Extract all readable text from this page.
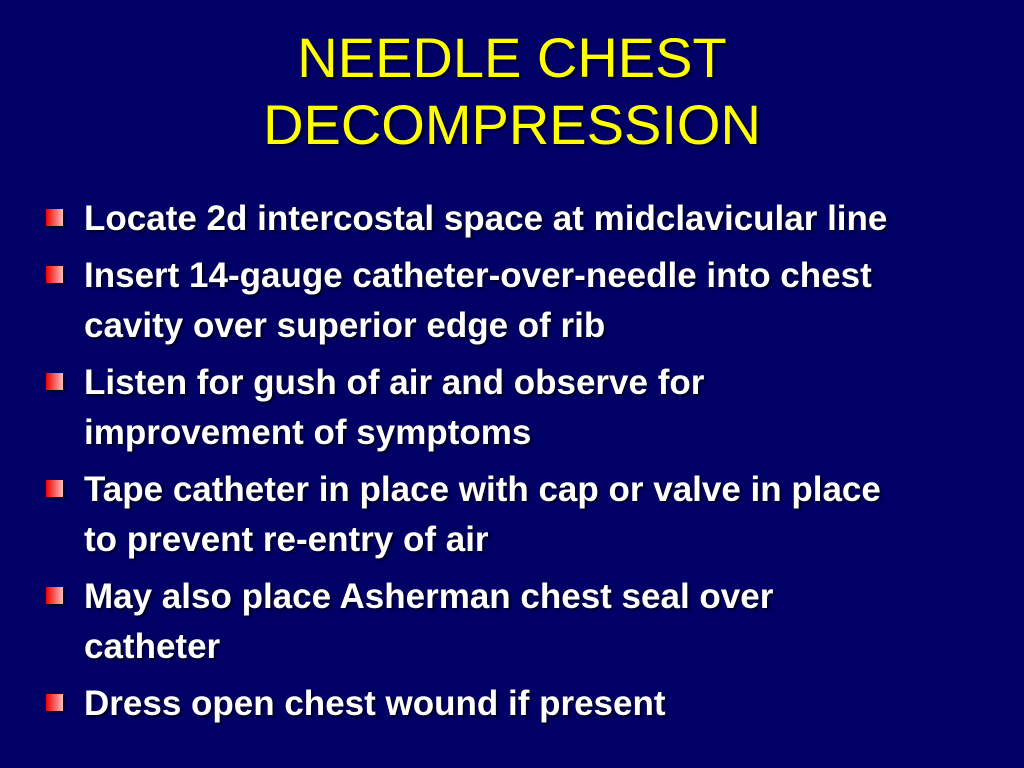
NEEDLE CHEST
DECOMPRESSION
Locate 2d intercostal space at midclavicular line
Insert 14-gauge catheter-over-needle into chest
cavity over superior edge of rib
Listen for gush of air and observe for
improvement of symptoms
Tape catheter in place with cap or valve in place
to prevent re-entry of air
May also place Asherman chest seal over
catheter
Dress open chest wound if present
